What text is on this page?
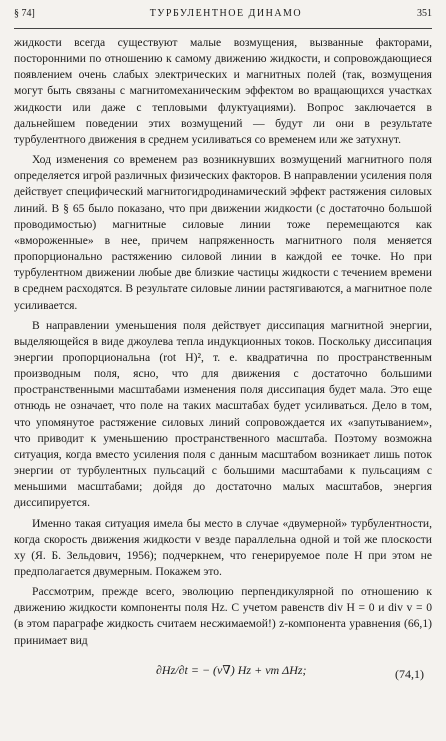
§ 74]	ТУРБУЛЕНТНОЕ ДИНАМО	351

жидкости всегда существуют малые возмущения, вызванные факторами, посторонними по отношению к самому движению жидкости, и сопровождающиеся появлением очень слабых электрических и магнитных полей (так, возмущения могут быть связаны с магнитомеханическим эффектом во вращающихся участках жидкости или даже с тепловыми флуктуациями). Вопрос заключается в дальнейшем поведении этих возмущений — будут ли они в результате турбулентного движения в среднем усиливаться со временем или же затухнут.

Ход изменения со временем раз возникнувших возмущений магнитного поля определяется игрой различных физических факторов. В направлении усиления поля действует специфический магнитогидродинамический эффект растяжения силовых линий. В § 65 было показано, что при движении жидкости (с достаточно большой проводимостью) магнитные силовые линии тоже перемещаются как «вмороженные» в нее, причем напряженность магнитного поля меняется пропорционально растяжению силовой линии в каждой ее точке. Но при турбулентном движении любые две близкие частицы жидкости с течением времени в среднем расходятся. В результате силовые линии растягиваются, а магнитное поле усиливается.

В направлении уменьшения поля действует диссипация магнитной энергии, выделяющейся в виде джоулева тепла индукционных токов. Поскольку диссипация энергии пропорциональна (rot H)², т. е. квадратична по пространственным производным поля, ясно, что для движения с достаточно большими пространственными масштабами изменения поля диссипация будет мала. Это еще отнюдь не означает, что поле на таких масштабах будет усиливаться. Дело в том, что упомянутое растяжение силовых линий сопровождается их «запутыванием», что приводит к уменьшению пространственного масштаба. Поэтому возможна ситуация, когда вместо усиления поля с данным масштабом возникает лишь поток энергии от турбулентных пульсаций с большими масштабами к пульсациям с меньшими масштабами; дойдя до достаточно малых масштабов, энергия диссипируется.

Именно такая ситуация имела бы место в случае «двумерной» турбулентности, когда скорость движения жидкости v везде параллельна одной и той же плоскости xy (Я. Б. Зельдович, 1956); подчеркнем, что генерируемое поле H при этом не предполагается двумерным. Покажем это.

Рассмотрим, прежде всего, эволюцию перпендикулярной по отношению к движению жидкости компоненты поля Hz. С учетом равенств div H = 0 и div v = 0 (в этом параграфе жидкость считаем несжимаемой!) z-компонента уравнения (66,1) принимает вид

∂Hz/∂t = − (v∇) Hz + νm ΔHz;	(74,1)
